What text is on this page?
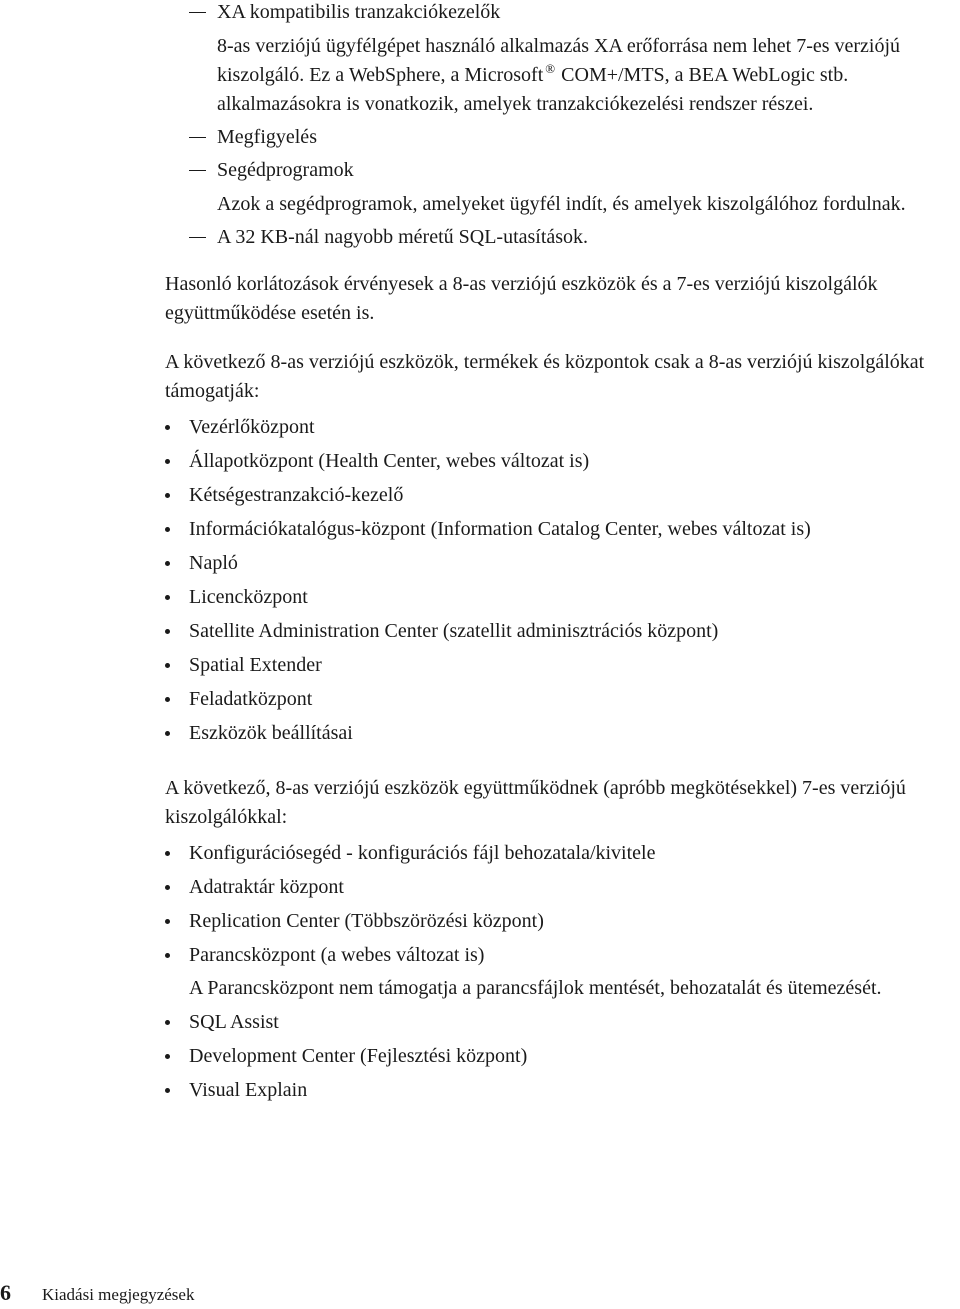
XA kompatibilis tranzakciókezelők
8-as verziójú ügyfélgépet használó alkalmazás XA erőforrása nem lehet 7-es verziójú kiszolgáló. Ez a WebSphere, a Microsoft ® COM+/MTS, a BEA WebLogic stb. alkalmazásokra is vonatkozik, amelyek tranzakciókezelési rendszer részei.
Megfigyelés
Segédprogramok
Azok a segédprogramok, amelyeket ügyfél indít, és amelyek kiszolgálóhoz fordulnak.
A 32 KB-nál nagyobb méretű SQL-utasítások.
Hasonló korlátozások érvényesek a 8-as verziójú eszközök és a 7-es verziójú kiszolgálók együttműködése esetén is.
A következő 8-as verziójú eszközök, termékek és központok csak a 8-as verziójú kiszolgálókat támogatják:
Vezérlőközpont
Állapotközpont (Health Center, webes változat is)
Kétségestranzakció-kezelő
Információkatalógus-központ (Information Catalog Center, webes változat is)
Napló
Licencközpont
Satellite Administration Center (szatellit adminisztrációs központ)
Spatial Extender
Feladatközpont
Eszközök beállításai
A következő, 8-as verziójú eszközök együttműködnek (apróbb megkötésekkel) 7-es verziójú kiszolgálókkal:
Konfigurációsegéd - konfigurációs fájl behozatala/kivitele
Adatraktár központ
Replication Center (Többszörözési központ)
Parancsközpont (a webes változat is)
A Parancsközpont nem támogatja a parancsfájlok mentését, behozatalát és ütemezését.
SQL Assist
Development Center (Fejlesztési központ)
Visual Explain
6 Kiadási megjegyzések
